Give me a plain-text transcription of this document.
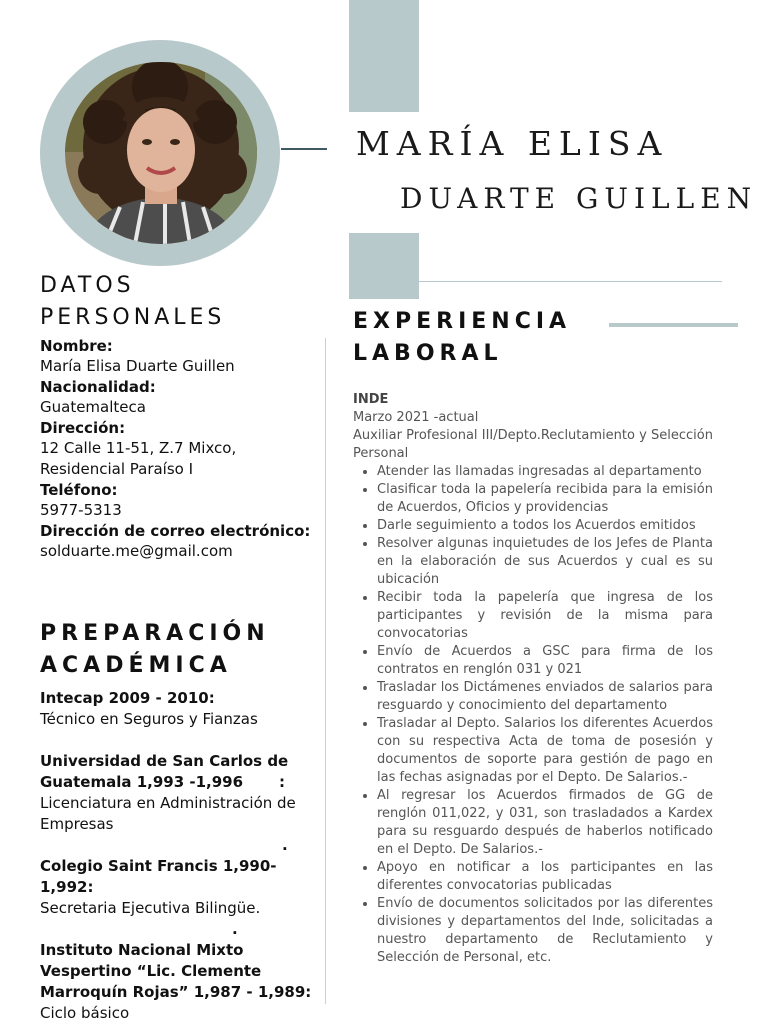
MARÍA ELISA
DUARTE GUILLEN
DATOS
PERSONALES
Nombre:
María Elisa Duarte Guillen
Nacionalidad:
Guatemalteca
Dirección:
12 Calle 11-51, Z.7 Mixco, Residencial Paraíso I
Teléfono:
5977-5313
Dirección de correo electrónico:
solduarte.me@gmail.com
PREPARACIÓN
ACADÉMICA
Intecap 2009 - 2010:
Técnico en Seguros y Fianzas
Universidad de San Carlos de Guatemala 1,993 -1,996 :
Licenciatura en Administración de Empresas
.
Colegio Saint Francis 1,990- 1,992:
Secretaria Ejecutiva Bilingüe.
.
Instituto Nacional Mixto Vespertino “Lic. Clemente Marroquín Rojas” 1,987 - 1,989:
Ciclo básico
EXPERIENCIA
LABORAL
INDE
Marzo 2021 -actual
Auxiliar Profesional III/Depto.Reclutamiento y Selección Personal
• Atender las llamadas ingresadas al departamento
• Clasificar toda la papelería recibida para la emisión de Acuerdos, Oficios y providencias
• Darle seguimiento a todos los Acuerdos emitidos
• Resolver algunas inquietudes de los Jefes de Planta en la elaboración de sus Acuerdos y cual es su ubicación
• Recibir toda la papelería que ingresa de los participantes y revisión de la misma para convocatorias
• Envío de Acuerdos a GSC para firma de los contratos en renglón 031 y 021
• Trasladar los Dictámenes enviados de salarios para resguardo y conocimiento del departamento
• Trasladar al Depto. Salarios los diferentes Acuerdos con su respectiva Acta de toma de posesión y documentos de soporte para gestión de pago en las fechas asignadas por el Depto. De Salarios.-
• Al regresar los Acuerdos firmados de GG de renglón 011,022, y 031, son trasladados a Kardex para su resguardo después de haberlos notificado en el Depto. De Salarios.-
• Apoyo en notificar a los participantes en las diferentes convocatorias publicadas
• Envío de documentos solicitados por las diferentes divisiones y departamentos del Inde, solicitadas a nuestro departamento de Reclutamiento y Selección de Personal, etc.
